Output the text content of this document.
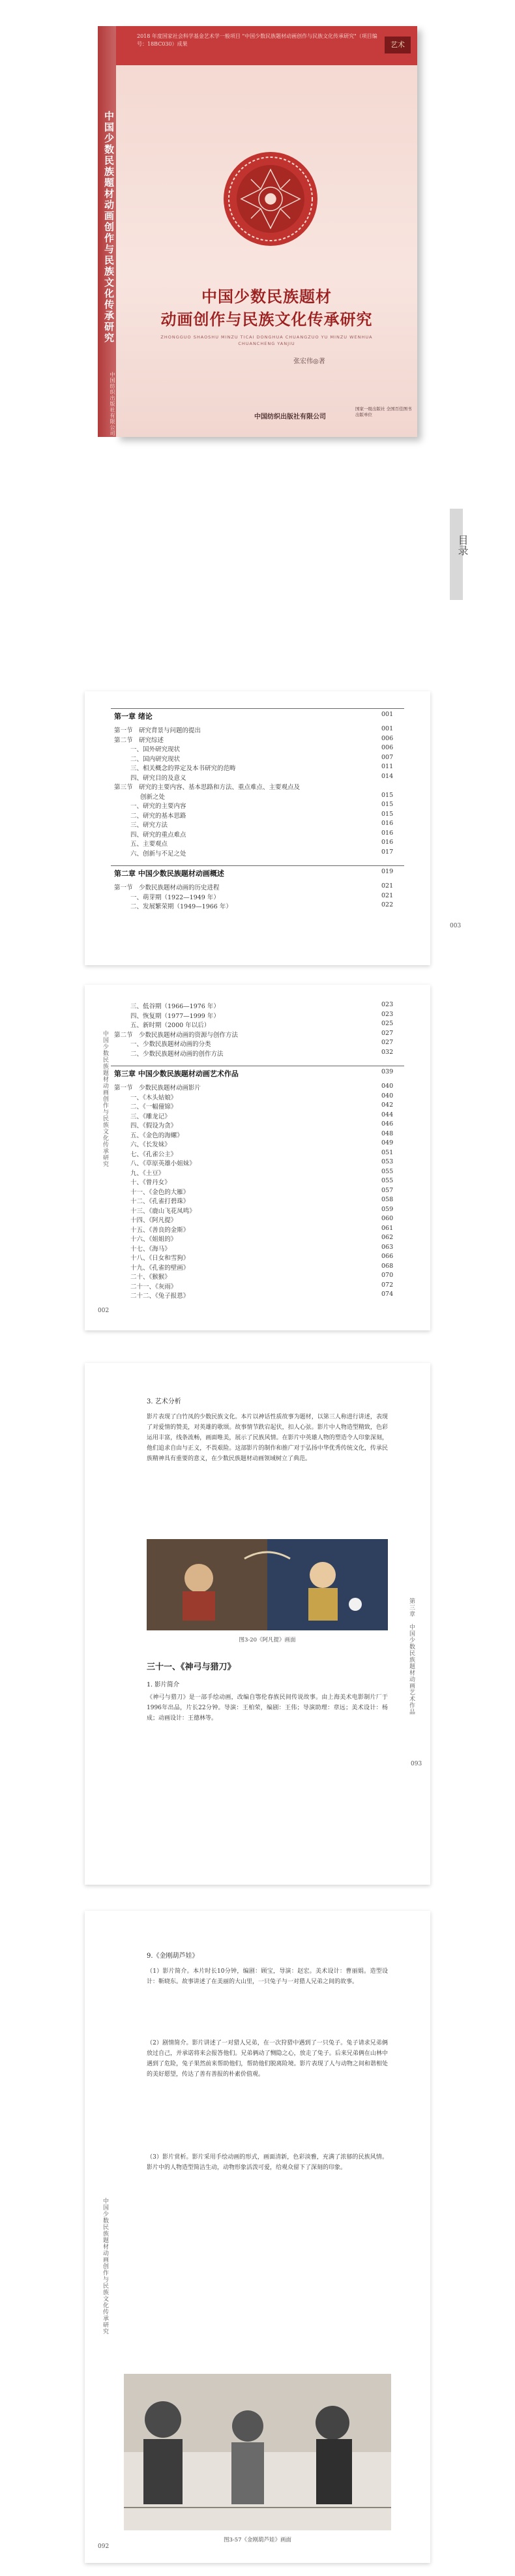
中国少数民族题材动画创作与民族文化传承研究
中国纺织出版社有限公司
2018 年度国家社会科学基金艺术学一般项目 "中国少数民族题材动画创作与民族文化传承研究"（项目编号：18BC030）成果	艺术
中国少数民族题材
动画创作与民族文化传承研究
ZHONGGUO SHAOSHU MINZU TICAI DONGHUA CHUANGZUO YU MINZU WENHUA CHUANCHENG YANJIU
张宏伟◎著
中国纺织出版社有限公司
国家一级出版社 全国百佳图书出版单位
目录
第一章 绪论	001
第一节　研究背景与问题的提出	001
第二节　研究综述	006
一、国外研究现状	006
二、国内研究现状	007
三、相关概念的界定及本书研究的范畴	011
四、研究目的及意义	014
第三节　研究的主要内容、基本思路和方法、重点难点、主要观点及
创新之处	015
一、研究的主要内容	015
二、研究的基本思路	015
三、研究方法	016
四、研究的重点难点	016
五、主要观点	016
六、创新与不足之处	017
第二章 中国少数民族题材动画概述	019
第一节　少数民族题材动画的历史进程	021
一、萌芽期（1922—1949 年）	021
二、发展繁荣期（1949—1966 年）	022
003
三、低谷期（1966—1976 年）	023
四、恢复期（1977—1999 年）	023
五、新时期（2000 年以后）	025
第二节　少数民族题材动画的资源与创作方法	027
一、少数民族题材动画的分类	027
二、少数民族题材动画的创作方法	032
第三章 中国少数民族题材动画艺术作品	039
第一节　少数民族题材动画影片	040
一、《木头姑娘》	040
二、《一幅僮锦》	042
三、《雕龙记》	044
四、《假设为贪》	046
五、《金色的海螺》	048
六、《长发妹》	049
七、《孔雀公主》	051
八、《草原英雄小姐妹》	053
九、《土豆》	055
十、《曾丹女》	055
十一、《金色的大雁》	057
十二、《孔雀打碧珠》	058
十三、《鹿山飞花凤鸣》	059
十四、《阿凡提》	060
十五、《善良的金斯》	061
十六、《姐姐的》	062
十七、《海马》	063
十八、《日女和雪狗》	066
十九、《孔雀的壁画》	068
二十、《猴猴》	070
二十一、《灰雨》	072
二十二、《兔子报恩》	074
中国少数民族题材动画创作与民族文化传承研究
002
3. 艺术分析
影片表现了白竹凤的少数民族文化。本片以神话性质故事为题材，以第三人称进行讲述，表现了对爱情的赞美，对英雄的歌颂。故事情节跌宕起伏，扣人心弦。影片中人物造型精致，色彩运用丰富，线条流畅，画面唯美，展示了民族风情。在影片中英雄人物的塑造令人印象深刻，他们追求自由与正义，不畏艰险。这部影片的制作和推广对于弘扬中华优秀传统文化，传承民族精神具有重要的意义，在少数民族题材动画领域树立了典范。
图3-20《阿凡提》画面
三十一、《神弓与猎刀》
1. 影片简介
《神弓与猎刀》是一部手绘动画，改编自鄂伦春族民间传说故事。由上海美术电影制片厂于1996年出品，片长22分钟。导演：王柏荣，编剧：王伟；导演助理：章远；美术设计：杨成；动画设计：王德林等。
第三章　中国少数民族题材动画艺术作品
093
9.《金刚葫芦娃》
（1）影片简介。本片时长10分钟，编剧：顾宝，导演：赵宏。美术设计：曹丽娟。造型设计：靳晓东。故事讲述了在美丽的大山里，一只兔子与一对猎人兄弟之间的故事。
（2）剧情简介。影片讲述了一对猎人兄弟，在一次狩猎中遇到了一只兔子。兔子请求兄弟俩放过自己，并承诺将来会报答他们。兄弟俩动了恻隐之心，放走了兔子。后来兄弟俩在山林中遇到了危险，兔子果然前来帮助他们，帮助他们脱离险境。影片表现了人与动物之间和谐相处的美好愿望，传达了善有善报的朴素价值观。
（3）影片赏析。影片采用手绘动画的形式，画面清新，色彩淡雅，充满了浓郁的民族风情。影片中的人物造型简洁生动，动物形象活泼可爱，给观众留下了深刻的印象。
图3-57《金刚葫芦娃》画面
中国少数民族题材动画创作与民族文化传承研究
092
